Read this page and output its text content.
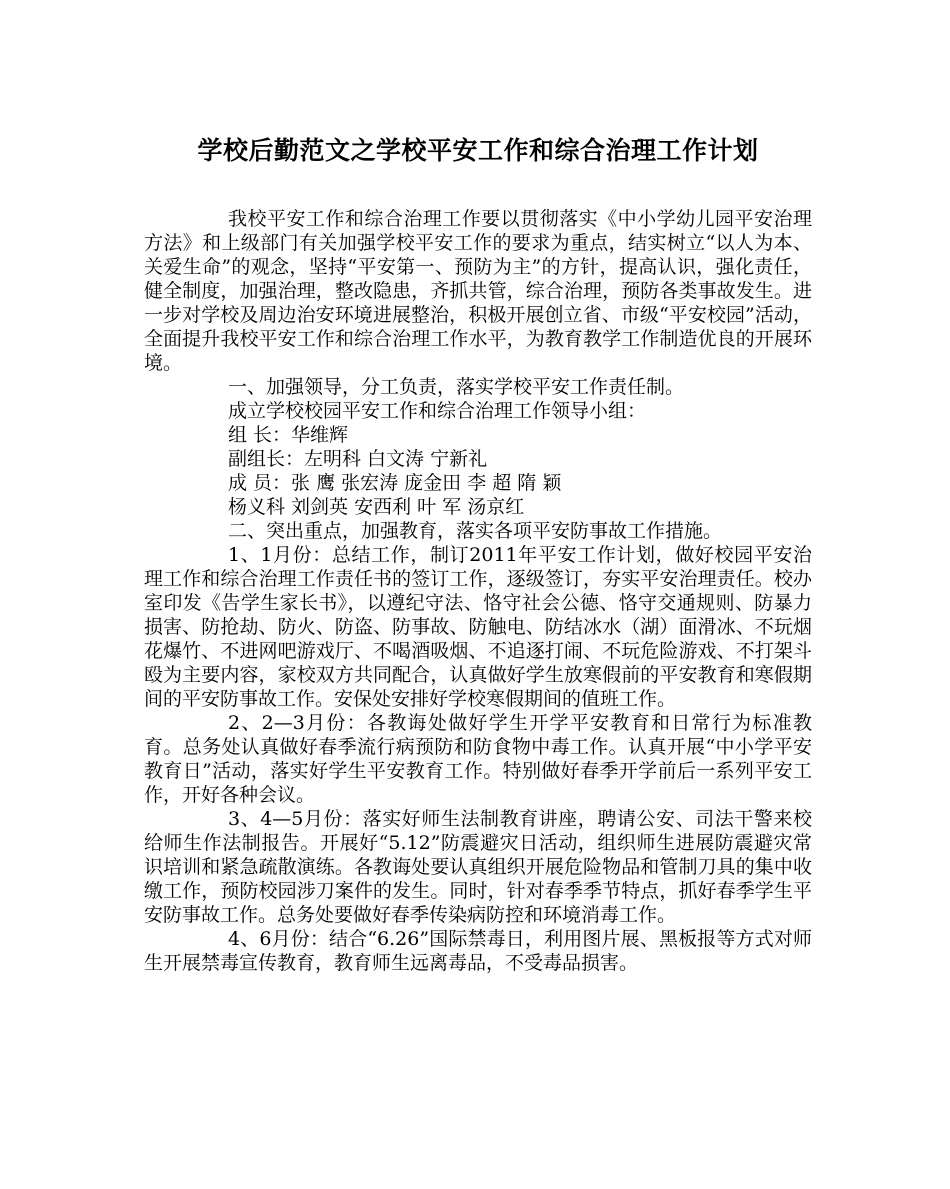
学校后勤范文之学校平安工作和综合治理工作计划

我校平安工作和综合治理工作要以贯彻落实《中小学幼儿园平安治理方法》和上级部门有关加强学校平安工作的要求为重点，结实树立“以人为本、关爱生命”的观念，坚持“平安第一、预防为主”的方针，提高认识，强化责任，健全制度，加强治理，整改隐患，齐抓共管，综合治理，预防各类事故发生。进一步对学校及周边治安环境进展整治，积极开展创立省、市级“平安校园”活动，全面提升我校平安工作和综合治理工作水平，为教育教学工作制造优良的开展环境。

一、加强领导，分工负责，落实学校平安工作责任制。

成立学校校园平安工作和综合治理工作领导小组：

组 长：华维辉

副组长：左明科 白文涛 宁新礼

成 员：张 鹰 张宏涛 庞金田 李 超 隋 颖

杨义科 刘剑英 安西利 叶 军 汤京红

二、突出重点，加强教育，落实各项平安防事故工作措施。

1、1月份：总结工作，制订2011年平安工作计划，做好校园平安治理工作和综合治理工作责任书的签订工作，逐级签订，夯实平安治理责任。校办室印发《告学生家长书》，以遵纪守法、恪守社会公德、恪守交通规则、防暴力损害、防抢劫、防火、防盗、防事故、防触电、防结冰水（湖）面滑冰、不玩烟花爆竹、不进网吧游戏厅、不喝酒吸烟、不追逐打闹、不玩危险游戏、不打架斗殴为主要内容，家校双方共同配合，认真做好学生放寒假前的平安教育和寒假期间的平安防事故工作。安保处安排好学校寒假期间的值班工作。

2、2—3月份：各教诲处做好学生开学平安教育和日常行为标准教育。总务处认真做好春季流行病预防和防食物中毒工作。认真开展“中小学平安教育日”活动，落实好学生平安教育工作。特别做好春季开学前后一系列平安工作，开好各种会议。

3、4—5月份：落实好师生法制教育讲座，聘请公安、司法干警来校给师生作法制报告。开展好“5.12”防震避灾日活动，组织师生进展防震避灾常识培训和紧急疏散演练。各教诲处要认真组织开展危险物品和管制刀具的集中收缴工作，预防校园涉刀案件的发生。同时，针对春季季节特点，抓好春季学生平安防事故工作。总务处要做好春季传染病防控和环境消毒工作。

4、6月份：结合“6.26”国际禁毒日，利用图片展、黑板报等方式对师生开展禁毒宣传教育，教育师生远离毒品，不受毒品损害。
